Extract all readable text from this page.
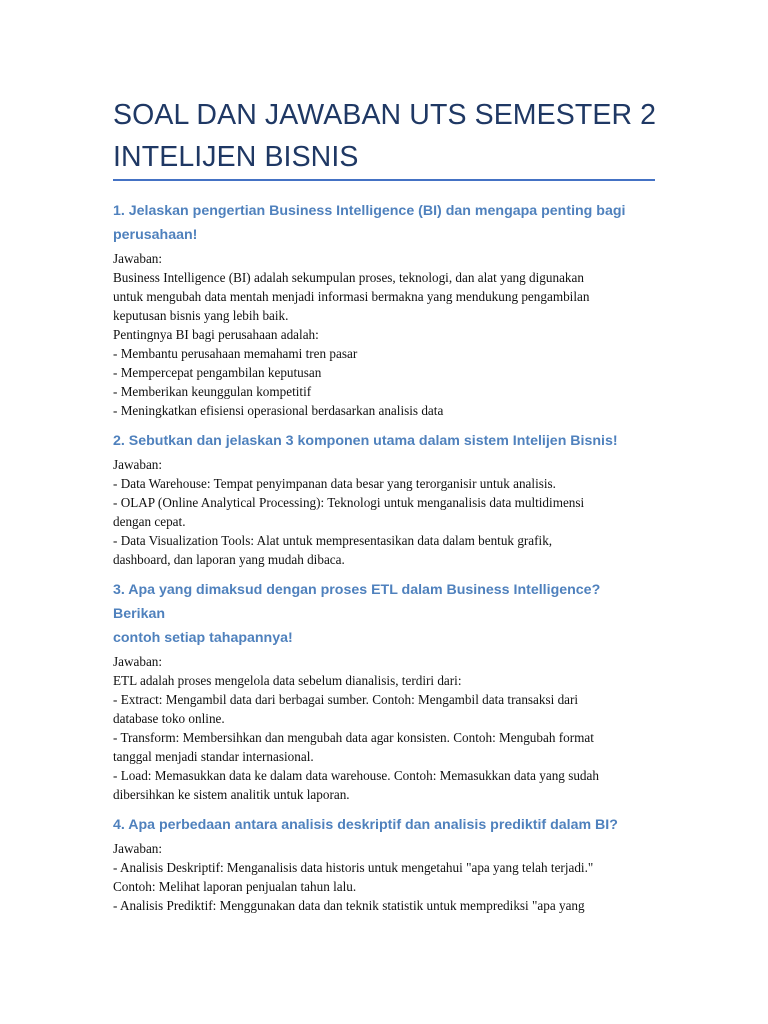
SOAL DAN JAWABAN UTS SEMESTER 2
INTELIJEN BISNIS
1. Jelaskan pengertian Business Intelligence (BI) dan mengapa penting bagi
perusahaan!
Jawaban:
Business Intelligence (BI) adalah sekumpulan proses, teknologi, dan alat yang digunakan
untuk mengubah data mentah menjadi informasi bermakna yang mendukung pengambilan
keputusan bisnis yang lebih baik.
Pentingnya BI bagi perusahaan adalah:
- Membantu perusahaan memahami tren pasar
- Mempercepat pengambilan keputusan
- Memberikan keunggulan kompetitif
- Meningkatkan efisiensi operasional berdasarkan analisis data
2. Sebutkan dan jelaskan 3 komponen utama dalam sistem Intelijen Bisnis!
Jawaban:
- Data Warehouse: Tempat penyimpanan data besar yang terorganisir untuk analisis.
- OLAP (Online Analytical Processing): Teknologi untuk menganalisis data multidimensi
dengan cepat.
- Data Visualization Tools: Alat untuk mempresentasikan data dalam bentuk grafik,
dashboard, dan laporan yang mudah dibaca.
3. Apa yang dimaksud dengan proses ETL dalam Business Intelligence? Berikan
contoh setiap tahapannya!
Jawaban:
ETL adalah proses mengelola data sebelum dianalisis, terdiri dari:
- Extract: Mengambil data dari berbagai sumber. Contoh: Mengambil data transaksi dari
database toko online.
- Transform: Membersihkan dan mengubah data agar konsisten. Contoh: Mengubah format
tanggal menjadi standar internasional.
- Load: Memasukkan data ke dalam data warehouse. Contoh: Memasukkan data yang sudah
dibersihkan ke sistem analitik untuk laporan.
4. Apa perbedaan antara analisis deskriptif dan analisis prediktif dalam BI?
Jawaban:
- Analisis Deskriptif: Menganalisis data historis untuk mengetahui "apa yang telah terjadi."
Contoh: Melihat laporan penjualan tahun lalu.
- Analisis Prediktif: Menggunakan data dan teknik statistik untuk memprediksi "apa yang
